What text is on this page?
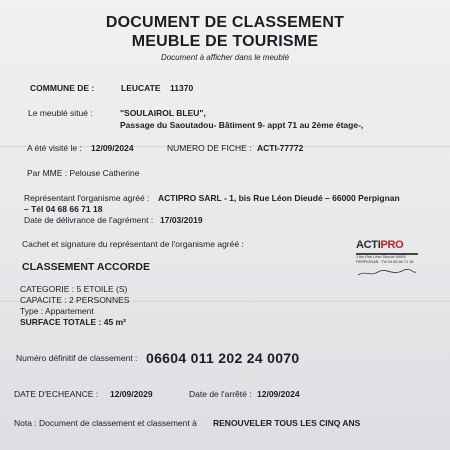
DOCUMENT DE CLASSEMENT
MEUBLE DE TOURISME
Document à afficher dans le meublé
COMMUNE DE :	LEUCATE 11370
Le meublé situé :	"SOULAIROL BLEU",
Passage du Saoutadou- Bâtiment 9- appt 71 au 2ème étage-,
A été visité le : 12/09/2024	NUMERO DE FICHE : ACTI-77772
Par MME : Pelouse Catherine
Représentant l'organisme agréé : ACTIPRO SARL - 1, bis Rue Léon Dieudé – 66000 Perpignan
– Tél 04 68 66 71 18
Date de délivrance de l'agrément : 17/03/2019
Cachet et signature du représentant de l'organisme agréé :	ACTIPRO
1 bis Rue Léon Dieudé 66000 PERPIGNAN · Tél 04 68 66 71 18
CLASSEMENT ACCORDE
CATEGORIE : 5 ETOILE (S)
CAPACITE : 2 PERSONNES
Type : Appartement
SURFACE TOTALE : 45 m²
Numéro définitif de classement : 06604 011 202 24 0070
DATE D'ECHEANCE : 12/09/2029	Date de l'arrêté : 12/09/2024
Nota : Document de classement et classement à RENOUVELER TOUS LES CINQ ANS
